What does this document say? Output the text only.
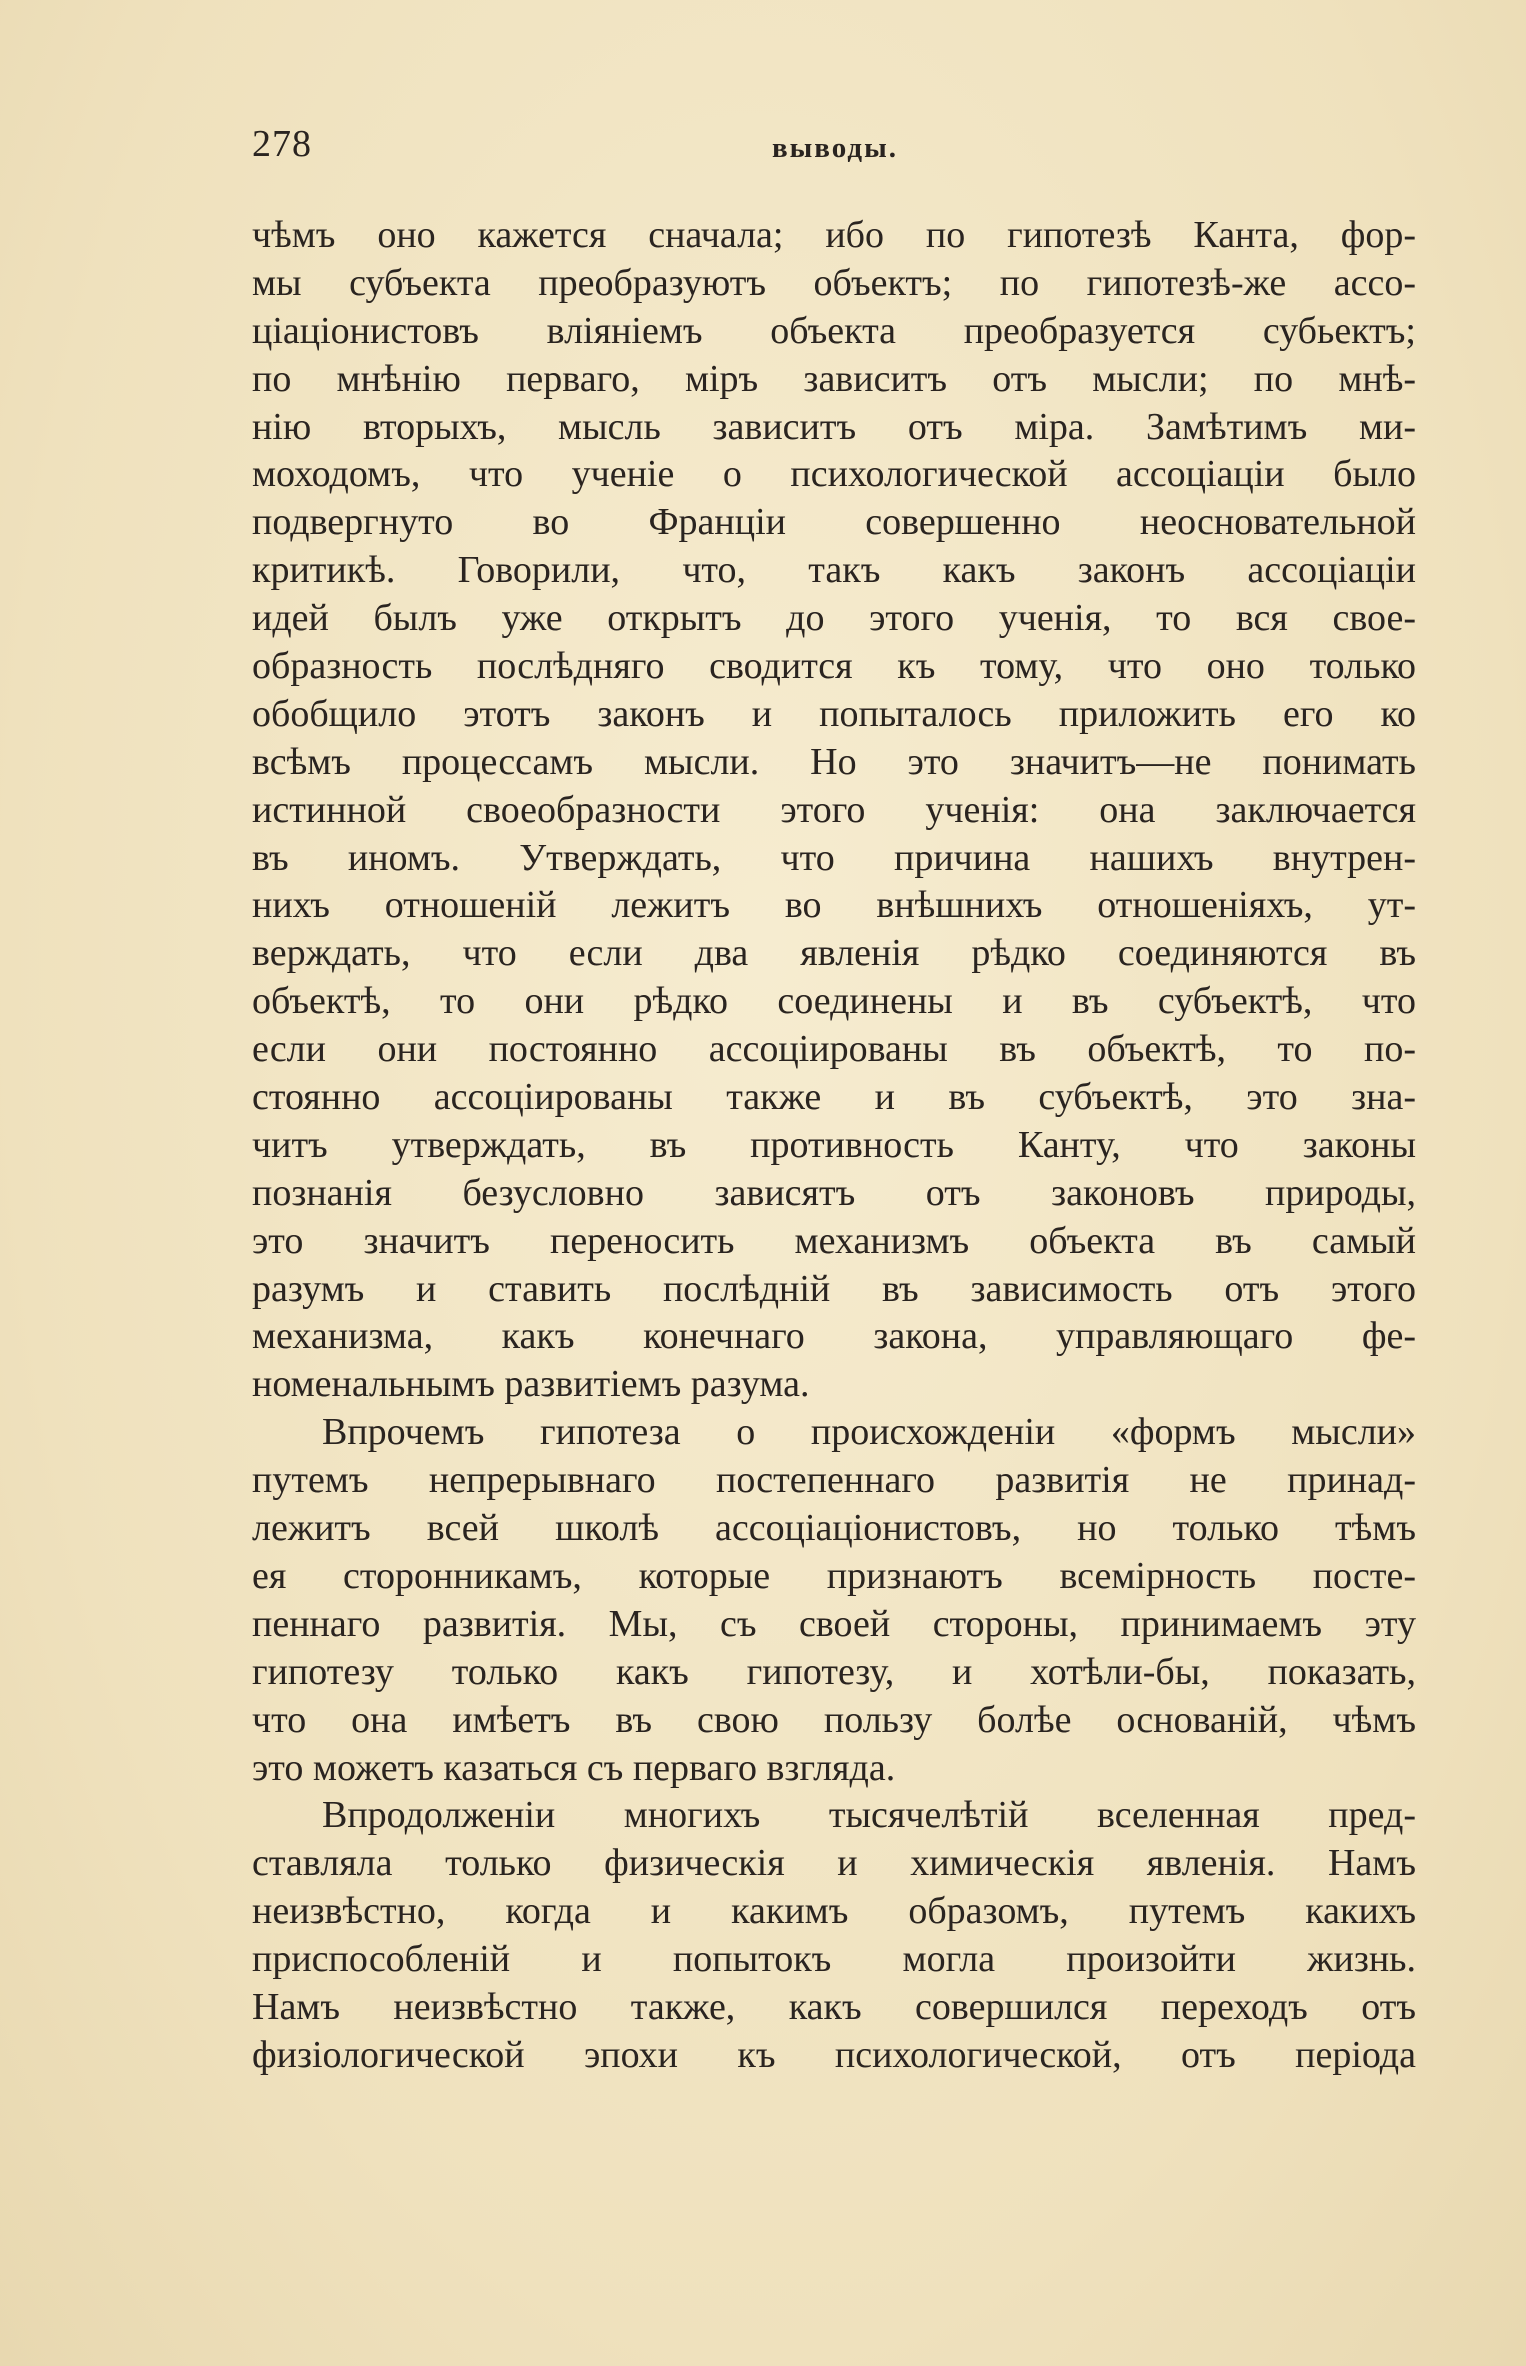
278	выводы.
чѣмъ оно кажется сначала; ибо по гипотезѣ Канта, фор-
мы субъекта преобразуютъ объектъ; по гипотезѣ-же ассо-
ціаціонистовъ вліяніемъ объекта преобразуется субьектъ;
по мнѣнію перваго, міръ зависитъ отъ мысли; по мнѣ-
нію вторыхъ, мысль зависитъ отъ міра. Замѣтимъ ми-
моходомъ, что ученіе о психологической ассоціаціи было
подвергнуто во Франціи совершенно неосновательной
критикѣ. Говорили, что, такъ какъ законъ ассоціаціи
идей былъ уже открытъ до этого ученія, то вся свое-
образность послѣдняго сводится къ тому, что оно только
обобщило этотъ законъ и попыталось приложить его ко
всѣмъ процессамъ мысли. Но это значитъ—не понимать
истинной своеобразности этого ученія: она заключается
въ иномъ. Утверждать, что причина нашихъ внутрен-
нихъ отношеній лежитъ во внѣшнихъ отношеніяхъ, ут-
верждать, что если два явленія рѣдко соединяются въ
объектѣ, то они рѣдко соединены и въ субъектѣ, что
если они постоянно ассоціированы въ объектѣ, то по-
стоянно ассоціированы также и въ субъектѣ, это зна-
читъ утверждать, въ противность Канту, что законы
познанія безусловно зависятъ отъ законовъ природы,
это значитъ переносить механизмъ объекта въ самый
разумъ и ставить послѣдній въ зависимость отъ этого
механизма, какъ конечнаго закона, управляющаго фе-
номенальнымъ развитіемъ разума.
Впрочемъ гипотеза о происхожденіи «формъ мысли»
путемъ непрерывнаго постепеннаго развитія не принад-
лежитъ всей школѣ ассоціаціонистовъ, но только тѣмъ
ея сторонникамъ, которые признаютъ всемірность посте-
пеннаго развитія. Мы, съ своей стороны, принимаемъ эту
гипотезу только какъ гипотезу, и хотѣли-бы, показать,
что она имѣетъ въ свою пользу болѣе основаній, чѣмъ
это можетъ казаться съ перваго взгляда.
Впродолженіи многихъ тысячелѣтій вселенная пред-
ставляла только физическія и химическія явленія. Намъ
неизвѣстно, когда и какимъ образомъ, путемъ какихъ
приспособленій и попытокъ могла произойти жизнь.
Намъ неизвѣстно также, какъ совершился переходъ отъ
физіологической эпохи къ психологической, отъ періода
